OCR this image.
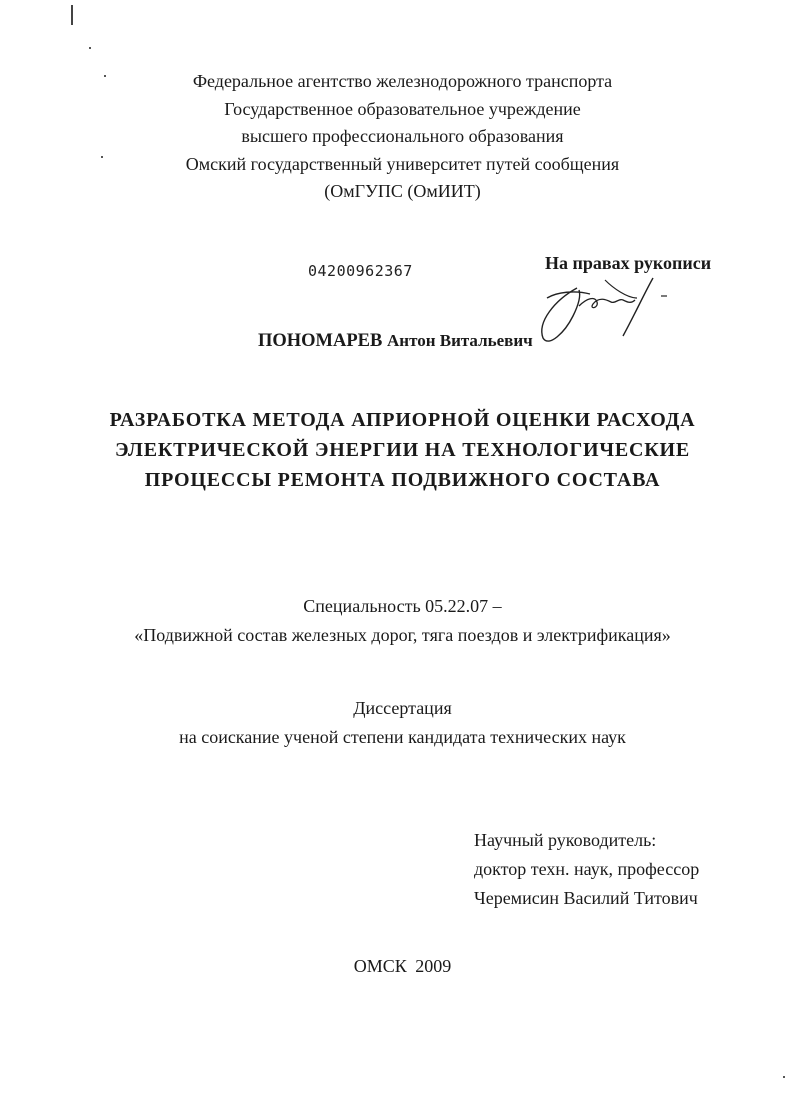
Федеральное агентство железнодорожного транспорта
Государственное образовательное учреждение
высшего профессионального образования
Омский государственный университет путей сообщения
(ОмГУПС (ОмИИТ)
04200962367	На правах рукописи
ПОНОМАРЕВ Антон Витальевич
РАЗРАБОТКА МЕТОДА АПРИОРНОЙ ОЦЕНКИ РАСХОДА
ЭЛЕКТРИЧЕСКОЙ ЭНЕРГИИ НА ТЕХНОЛОГИЧЕСКИЕ
ПРОЦЕССЫ РЕМОНТА ПОДВИЖНОГО СОСТАВА
Специальность 05.22.07 –
«Подвижной состав железных дорог, тяга поездов и электрификация»
Диссертация
на соискание ученой степени кандидата технических наук
Научный руководитель:
доктор техн. наук, профессор
Черемисин Василий Титович
ОМСК 2009
